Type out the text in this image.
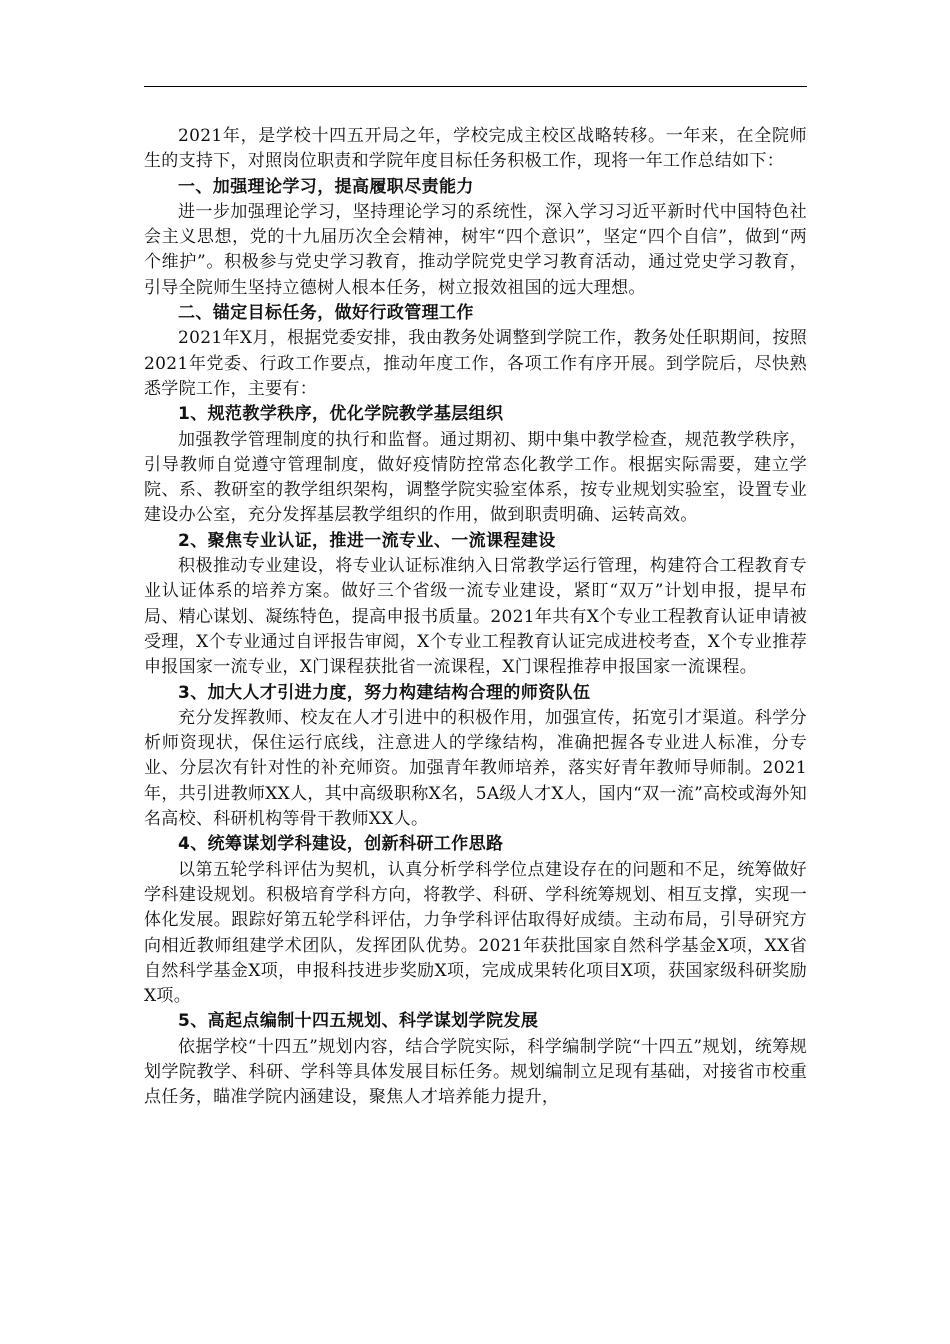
2021年，是学校十四五开局之年，学校完成主校区战略转移。一年来，在全院师生的支持下，对照岗位职责和学院年度目标任务积极工作，现将一年工作总结如下：

一、加强理论学习，提高履职尽责能力

进一步加强理论学习，坚持理论学习的系统性，深入学习习近平新时代中国特色社会主义思想，党的十九届历次全会精神，树牢“四个意识”，坚定“四个自信”，做到“两个维护”。积极参与党史学习教育，推动学院党史学习教育活动，通过党史学习教育，引导全院师生坚持立德树人根本任务，树立报效祖国的远大理想。

二、锚定目标任务，做好行政管理工作

2021年X月，根据党委安排，我由教务处调整到学院工作，教务处任职期间，按照2021年党委、行政工作要点，推动年度工作，各项工作有序开展。到学院后，尽快熟悉学院工作，主要有：

1、规范教学秩序，优化学院教学基层组织

加强教学管理制度的执行和监督。通过期初、期中集中教学检查，规范教学秩序，引导教师自觉遵守管理制度，做好疫情防控常态化教学工作。根据实际需要，建立学院、系、教研室的教学组织架构，调整学院实验室体系，按专业规划实验室，设置专业建设办公室，充分发挥基层教学组织的作用，做到职责明确、运转高效。

2、聚焦专业认证，推进一流专业、一流课程建设

积极推动专业建设，将专业认证标准纳入日常教学运行管理，构建符合工程教育专业认证体系的培养方案。做好三个省级一流专业建设，紧盯“双万”计划申报，提早布局、精心谋划、凝练特色，提高申报书质量。2021年共有X个专业工程教育认证申请被受理，X个专业通过自评报告审阅，X个专业工程教育认证完成进校考查，X个专业推荐申报国家一流专业，X门课程获批省一流课程，X门课程推荐申报国家一流课程。

3、加大人才引进力度，努力构建结构合理的师资队伍

充分发挥教师、校友在人才引进中的积极作用，加强宣传，拓宽引才渠道。科学分析师资现状，保住运行底线，注意进人的学缘结构，准确把握各专业进人标准，分专业、分层次有针对性的补充师资。加强青年教师培养，落实好青年教师导师制。2021年，共引进教师XX人，其中高级职称X名，5A级人才X人，国内“双一流”高校或海外知名高校、科研机构等骨干教师XX人。

4、统筹谋划学科建设，创新科研工作思路

以第五轮学科评估为契机，认真分析学科学位点建设存在的问题和不足，统筹做好学科建设规划。积极培育学科方向，将教学、科研、学科统筹规划、相互支撑，实现一体化发展。跟踪好第五轮学科评估，力争学科评估取得好成绩。主动布局，引导研究方向相近教师组建学术团队，发挥团队优势。2021年获批国家自然科学基金X项，XX省自然科学基金X项，申报科技进步奖励X项，完成成果转化项目X项，获国家级科研奖励X项。

5、高起点编制十四五规划、科学谋划学院发展

依据学校“十四五”规划内容，结合学院实际，科学编制学院“十四五”规划，统筹规划学院教学、科研、学科等具体发展目标任务。规划编制立足现有基础，对接省市校重点任务，瞄准学院内涵建设，聚焦人才培养能力提升，
